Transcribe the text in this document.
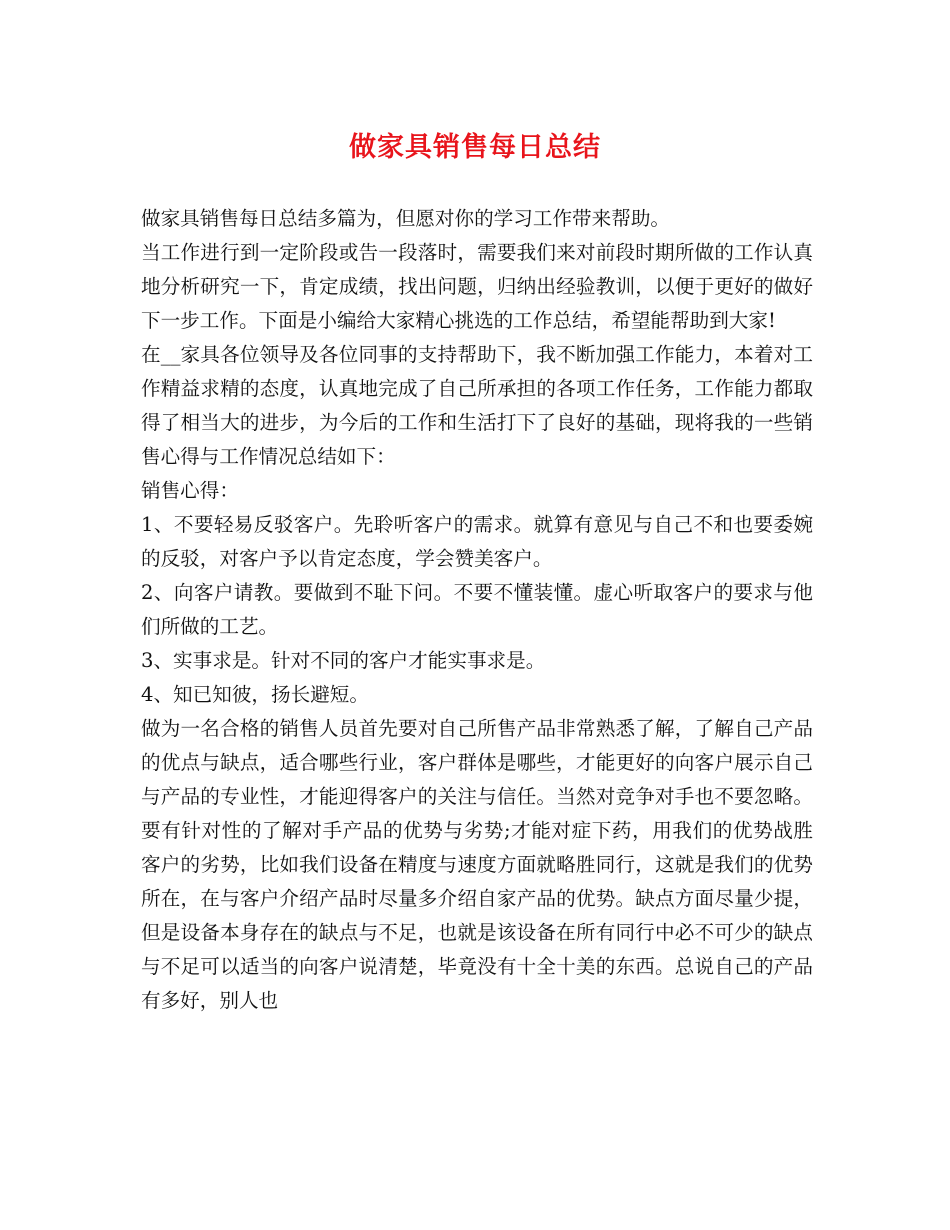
做家具销售每日总结

做家具销售每日总结多篇为，但愿对你的学习工作带来帮助。

当工作进行到一定阶段或告一段落时，需要我们来对前段时期所做的工作认真地分析研究一下，肯定成绩，找出问题，归纳出经验教训，以便于更好的做好下一步工作。下面是小编给大家精心挑选的工作总结，希望能帮助到大家!

在__家具各位领导及各位同事的支持帮助下，我不断加强工作能力，本着对工作精益求精的态度，认真地完成了自己所承担的各项工作任务，工作能力都取得了相当大的进步，为今后的工作和生活打下了良好的基础，现将我的一些销售心得与工作情况总结如下：

销售心得：

1、不要轻易反驳客户。先聆听客户的需求。就算有意见与自己不和也要委婉的反驳，对客户予以肯定态度，学会赞美客户。

2、向客户请教。要做到不耻下问。不要不懂装懂。虚心听取客户的要求与他们所做的工艺。

3、实事求是。针对不同的客户才能实事求是。

4、知已知彼，扬长避短。

做为一名合格的销售人员首先要对自己所售产品非常熟悉了解，了解自己产品的优点与缺点，适合哪些行业，客户群体是哪些，才能更好的向客户展示自己与产品的专业性，才能迎得客户的关注与信任。当然对竞争对手也不要忽略。要有针对性的了解对手产品的优势与劣势;才能对症下药，用我们的优势战胜客户的劣势，比如我们设备在精度与速度方面就略胜同行，这就是我们的优势所在，在与客户介绍产品时尽量多介绍自家产品的优势。缺点方面尽量少提，但是设备本身存在的缺点与不足，也就是该设备在所有同行中必不可少的缺点与不足可以适当的向客户说清楚，毕竟没有十全十美的东西。总说自己的产品有多好，别人也
